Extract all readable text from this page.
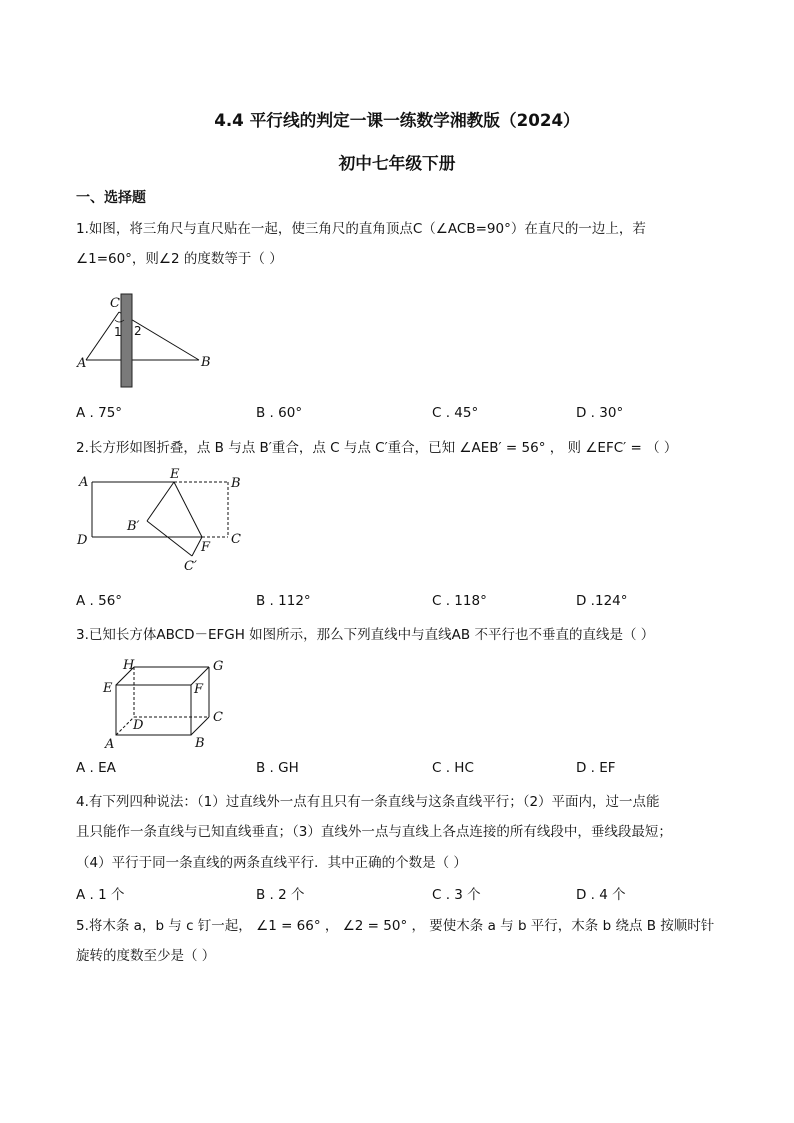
4.4 平行线的判定一课一练数学湘教版（2024）
初中七年级下册
一、选择题
1.如图，将三角尺与直尺贴在一起，使三角尺的直角顶点C（∠ACB=90°）在直尺的一边上，若
∠1=60°，则∠2 的度数等于（ ）
C
A	B
1 2
A . 75°	B . 60°	C . 45°	D . 30°
2.长方形如图折叠，点 B 与点 B′重合，点 C 与点 C′重合，已知 ∠AEB′ = 56° ， 则 ∠EFC′ = （ ）
A
E
B
B′
D	F
C
C′
A . 56°	B . 112°	C . 118°	D .124°
3.已知长方体ABCD－EFGH 如图所示，那么下列直线中与直线AB 不平行也不垂直的直线是（ ）
H	G
E	F
D
C
A	B
A . EA	B . GH	C . HC	D . EF
4.有下列四种说法：（1）过直线外一点有且只有一条直线与这条直线平行；（2）平面内，过一点能
且只能作一条直线与已知直线垂直；（3）直线外一点与直线上各点连接的所有线段中，垂线段最短；
（4）平行于同一条直线的两条直线平行．其中正确的个数是（ ）
A . 1 个	B . 2 个	C . 3 个	D . 4 个
5.将木条 a，b 与 c 钉一起， ∠1 = 66° ， ∠2 = 50° ， 要使木条 a 与 b 平行，木条 b 绕点 B 按顺时针
旋转的度数至少是（ ）
